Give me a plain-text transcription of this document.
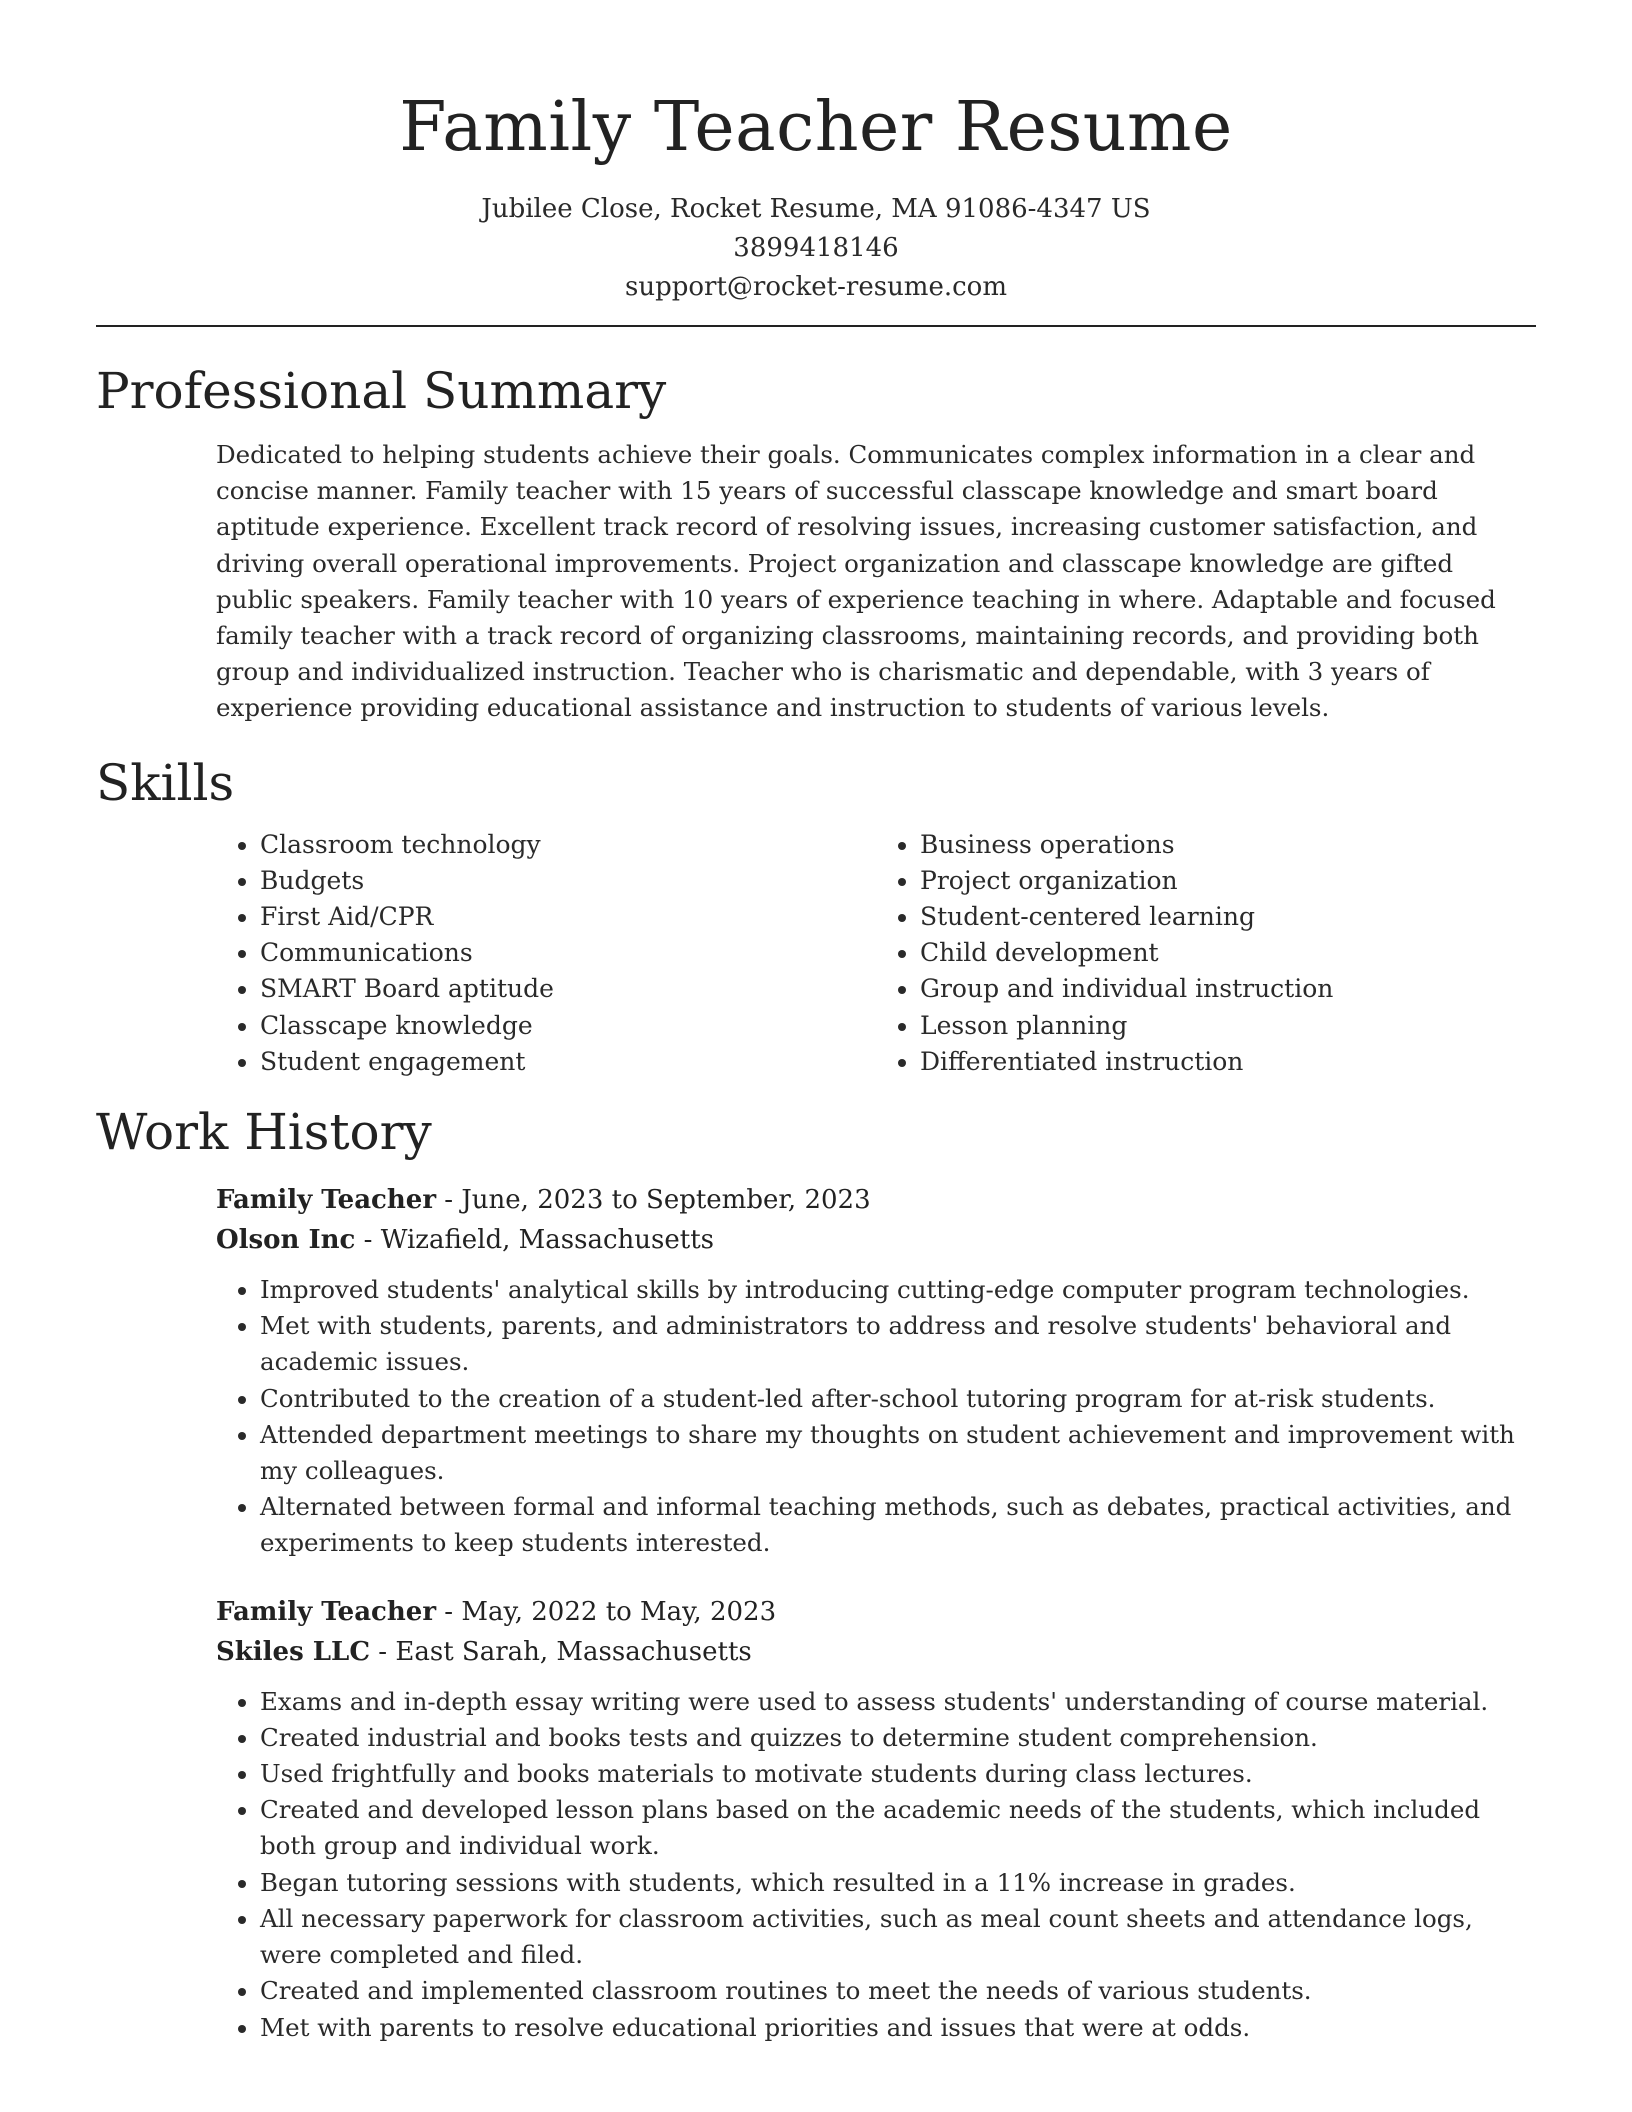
Family Teacher Resume
Jubilee Close, Rocket Resume, MA 91086-4347 US
3899418146
support@rocket-resume.com
Professional Summary

Dedicated to helping students achieve their goals. Communicates complex information in a clear and concise manner. Family teacher with 15 years of successful classcape knowledge and smart board aptitude experience. Excellent track record of resolving issues, increasing customer satisfaction, and driving overall operational improvements. Project organization and classcape knowledge are gifted public speakers. Family teacher with 10 years of experience teaching in where. Adaptable and focused family teacher with a track record of organizing classrooms, maintaining records, and providing both group and individualized instruction. Teacher who is charismatic and dependable, with 3 years of experience providing educational assistance and instruction to students of various levels.

Skills
• Classroom technology
• Budgets
• First Aid/CPR
• Communications
• SMART Board aptitude
• Classcape knowledge
• Student engagement
• Business operations
• Project organization
• Student-centered learning
• Child development
• Group and individual instruction
• Lesson planning
• Differentiated instruction
Work History
Family Teacher - June, 2023 to September, 2023
Olson Inc - Wizafield, Massachusetts
• Improved students' analytical skills by introducing cutting-edge computer program technologies.
• Met with students, parents, and administrators to address and resolve students' behavioral and academic issues.
• Contributed to the creation of a student-led after-school tutoring program for at-risk students.
• Attended department meetings to share my thoughts on student achievement and improvement with my colleagues.
• Alternated between formal and informal teaching methods, such as debates, practical activities, and experiments to keep students interested.
Family Teacher - May, 2022 to May, 2023
Skiles LLC - East Sarah, Massachusetts
• Exams and in-depth essay writing were used to assess students' understanding of course material.
• Created industrial and books tests and quizzes to determine student comprehension.
• Used frightfully and books materials to motivate students during class lectures.
• Created and developed lesson plans based on the academic needs of the students, which included both group and individual work.
• Began tutoring sessions with students, which resulted in a 11% increase in grades.
• All necessary paperwork for classroom activities, such as meal count sheets and attendance logs, were completed and filed.
• Created and implemented classroom routines to meet the needs of various students.
• Met with parents to resolve educational priorities and issues that were at odds.
